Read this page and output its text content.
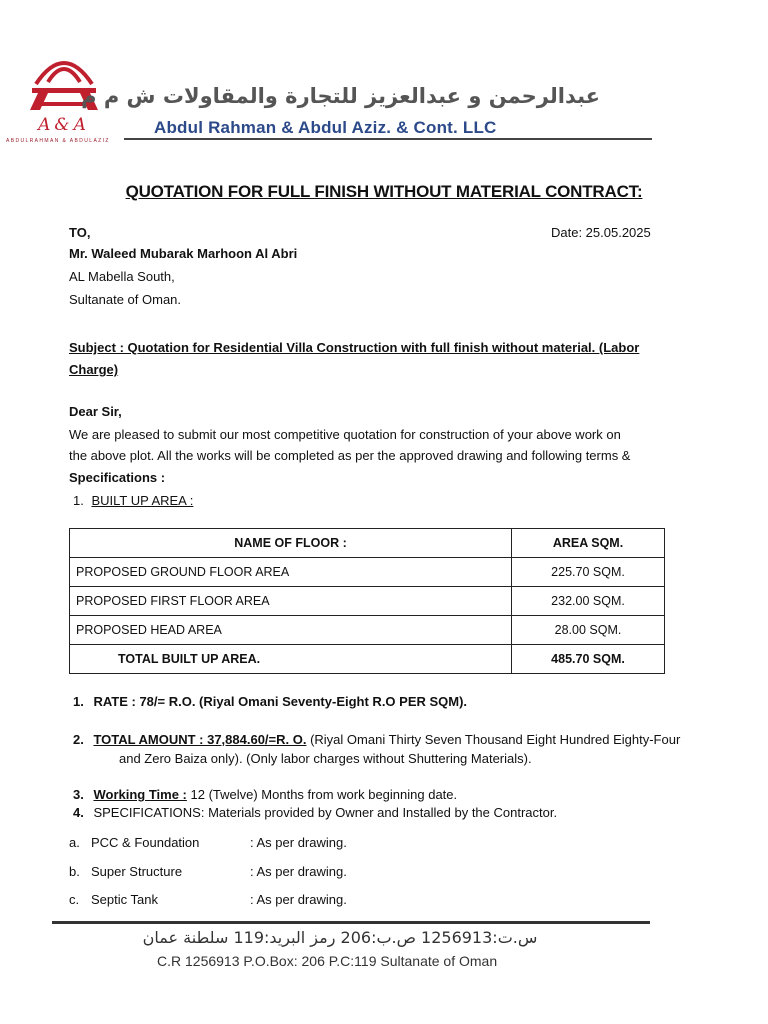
A&A
ABDULRAHMAN & ABDULAZIZ
عبدالرحمن و عبدالعزيز للتجارة والمقاولات ش م م
Abdul Rahman & Abdul Aziz. & Cont. LLC
QUOTATION FOR FULL FINISH WITHOUT MATERIAL CONTRACT:
TO,	Date: 25.05.2025
Mr. Waleed Mubarak Marhoon Al Abri
AL Mabella South,
Sultanate of Oman.
Subject : Quotation for Residential Villa Construction with full finish without material. (Labor
Charge)
Dear Sir,
We are pleased to submit our most competitive quotation for construction of your above work on
the above plot. All the works will be completed as per the approved drawing and following terms &
Specifications :
1. BUILT UP AREA :
NAME OF FLOOR :	AREA SQM.
PROPOSED GROUND FLOOR AREA	225.70 SQM.
PROPOSED FIRST FLOOR AREA	232.00 SQM.
PROPOSED HEAD AREA	28.00 SQM.
TOTAL BUILT UP AREA.	485.70 SQM.
1. RATE : 78/= R.O. (Riyal Omani Seventy-Eight R.O PER SQM).
2. TOTAL AMOUNT : 37,884.60/=R. O. (Riyal Omani Thirty Seven Thousand Eight Hundred Eighty-Four
and Zero Baiza only). (Only labor charges without Shuttering Materials).
3. Working Time : 12 (Twelve) Months from work beginning date.
4. SPECIFICATIONS: Materials provided by Owner and Installed by the Contractor.
a. PCC & Foundation	: As per drawing.
b. Super Structure	: As per drawing.
c. Septic Tank	: As per drawing.
س.ت:1256913 ص.ب:206 رمز البريد:119 سلطنة عمان
C.R 1256913 P.O.Box: 206 P.C:119 Sultanate of Oman
